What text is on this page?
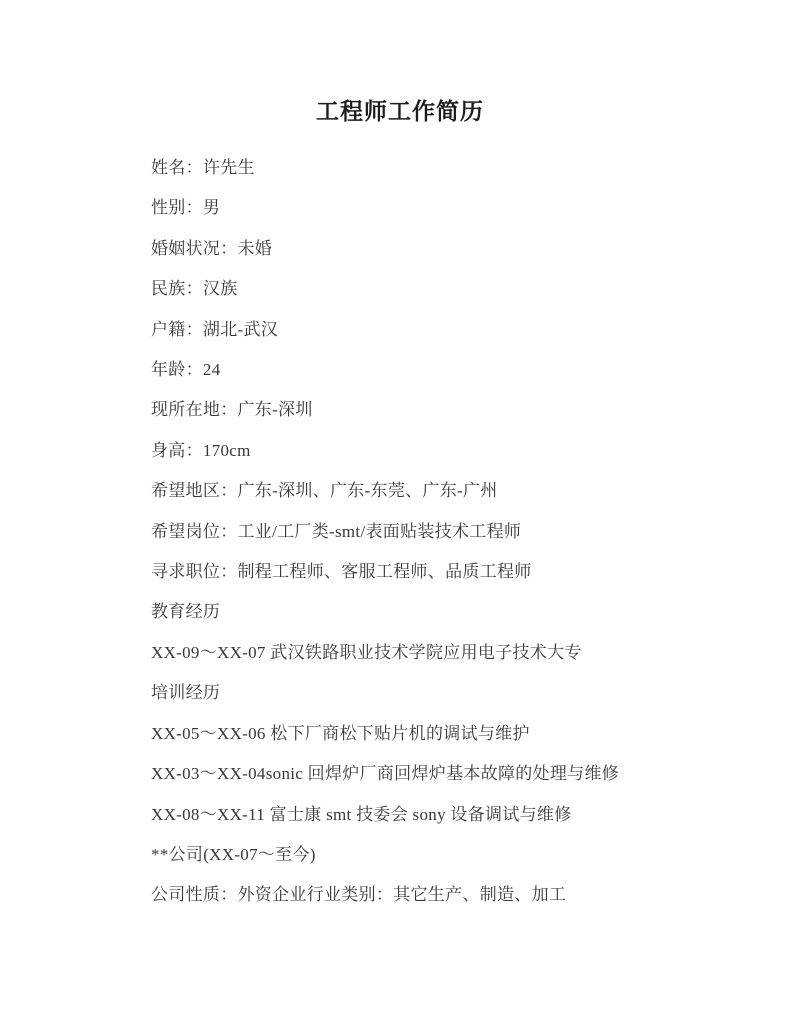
工程师工作简历

姓名：许先生

性别：男

婚姻状况：未婚

民族：汉族

户籍：湖北-武汉

年龄：24

现所在地：广东-深圳

身高：170cm

希望地区：广东-深圳、广东-东莞、广东-广州

希望岗位：工业/工厂类-smt/表面贴装技术工程师

寻求职位：制程工程师、客服工程师、品质工程师

教育经历

XX-09～XX-07 武汉铁路职业技术学院应用电子技术大专

培训经历

XX-05～XX-06 松下厂商松下贴片机的调试与维护

XX-03～XX-04sonic 回焊炉厂商回焊炉基本故障的处理与维修

XX-08～XX-11 富士康 smt 技委会 sony 设备调试与维修

**公司(XX-07～至今)

公司性质：外资企业行业类别：其它生产、制造、加工
